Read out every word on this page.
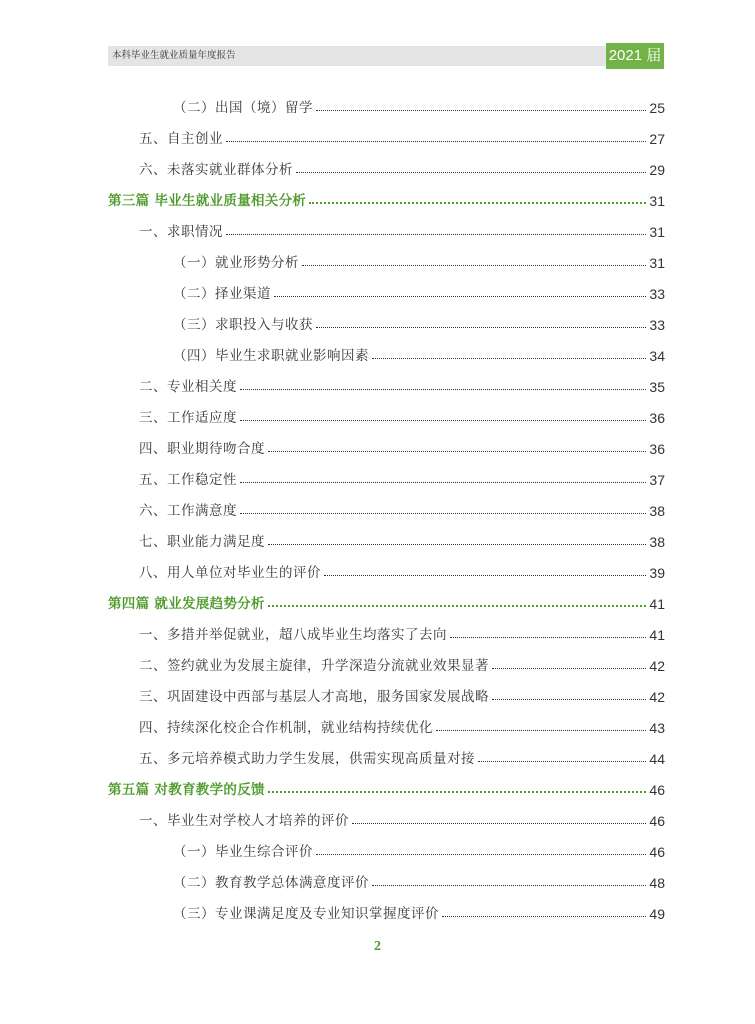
本科毕业生就业质量年度报告	2021 届
（二）出国（境）留学	25
五、自主创业	27
六、未落实就业群体分析	29
第三篇 毕业生就业质量相关分析	31
一、求职情况	31
（一）就业形势分析	31
（二）择业渠道	33
（三）求职投入与收获	33
（四）毕业生求职就业影响因素	34
二、专业相关度	35
三、工作适应度	36
四、职业期待吻合度	36
五、工作稳定性	37
六、工作满意度	38
七、职业能力满足度	38
八、用人单位对毕业生的评价	39
第四篇 就业发展趋势分析	41
一、多措并举促就业，超八成毕业生均落实了去向	41
二、签约就业为发展主旋律，升学深造分流就业效果显著	42
三、巩固建设中西部与基层人才高地，服务国家发展战略	42
四、持续深化校企合作机制，就业结构持续优化	43
五、多元培养模式助力学生发展，供需实现高质量对接	44
第五篇 对教育教学的反馈	46
一、毕业生对学校人才培养的评价	46
（一）毕业生综合评价	46
（二）教育教学总体满意度评价	48
（三）专业课满足度及专业知识掌握度评价	49
2
